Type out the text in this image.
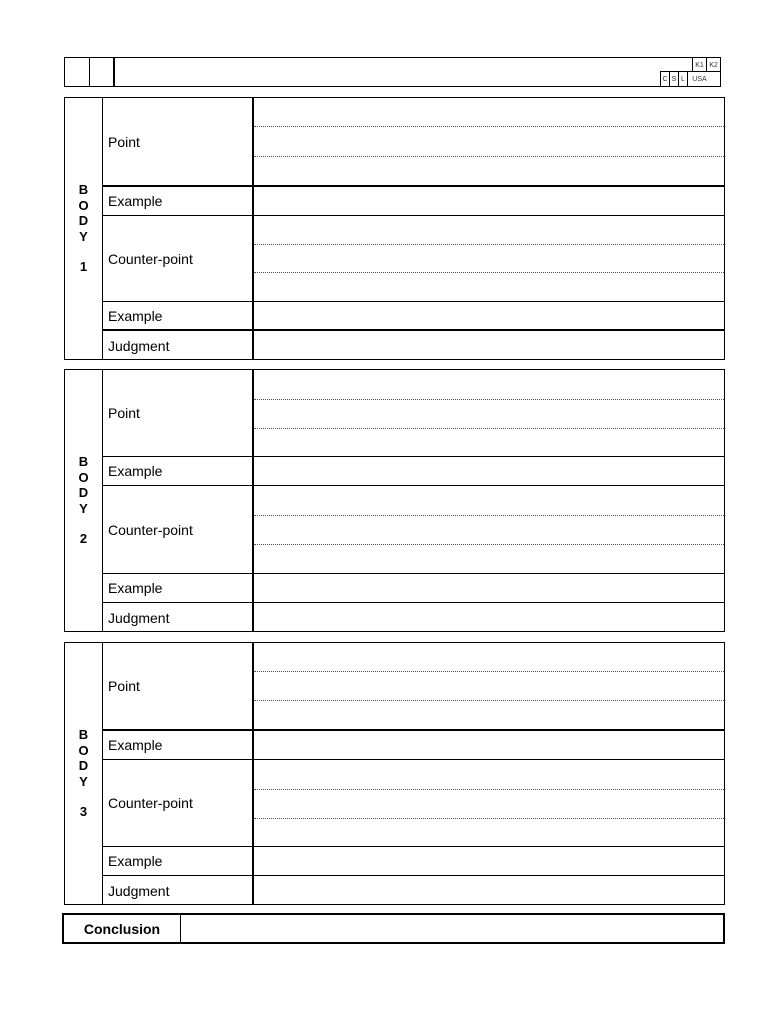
K1 K2
C S L	USA
B
O
D
Y
1
Point
Example
Counter-point
Example
Judgment
B
O
D
Y
2
Point
Example
Counter-point
Example
Judgment
B
O
D
Y
3
Point
Example
Counter-point
Example
Judgment
Conclusion
